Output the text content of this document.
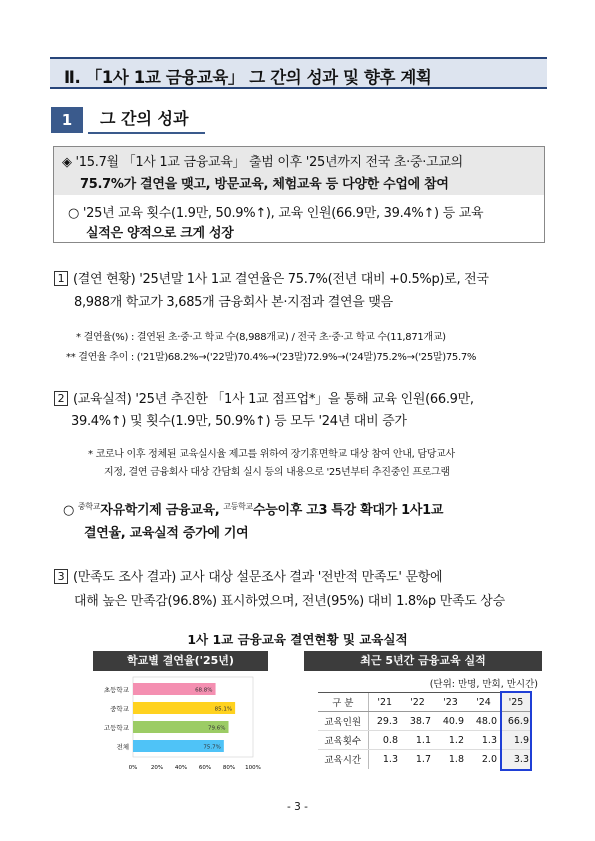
Ⅱ. 「1사 1교 금융교육」 그 간의 성과 및 향후 계획
1	그 간의 성과
◈ '15.7월 「1사 1교 금융교육」 출범 이후 '25년까지 전국 초·중·고교의
75.7%가 결연을 맺고, 방문교육, 체험교육 등 다양한 수업에 참여
○ '25년 교육 횟수(1.9만, 50.9%↑), 교육 인원(66.9만, 39.4%↑) 등 교육
실적은 양적으로 크게 성장
1 (결연 현황) '25년말 1사 1교 결연율은 75.7%(전년 대비 +0.5%p)로, 전국
8,988개 학교가 3,685개 금융회사 본·지점과 결연을 맺음
* 결연율(%) : 결연된 초·중·고 학교 수(8,988개교) / 전국 초·중·고 학교 수(11,871개교)
** 결연율 추이 : ('21말)68.2%→('22말)70.4%→('23말)72.9%→('24말)75.2%→('25말)75.7%
2 (교육실적) '25년 추진한 「1사 1교 점프업*」을 통해 교육 인원(66.9만,
39.4%↑) 및 횟수(1.9만, 50.9%↑) 등 모두 '24년 대비 증가
* 코로나 이후 정체된 교육실시율 제고를 위하여 장기휴면학교 대상 참여 안내, 담당교사
지정, 결연 금융회사 대상 간담회 실시 등의 내용으로 '25년부터 추진중인 프로그램
○ $^{중학교}$자유학기제 금융교육, $^{고등학교}$수능이후 고3 특강 확대가 1사1교
결연율, 교육실적 증가에 기여
3 (만족도 조사 결과) 교사 대상 설문조사 결과 '전반적 만족도' 문항에
대해 높은 만족감(96.8%) 표시하였으며, 전년(95%) 대비 1.8%p 만족도 상승
1사 1교 금융교육 결연현황 및 교육실적
학교별 결연율('25년)
초등학교	68.8%
중학교	85.1%
고등학교	79.6%
전체	75.7%
0% 20% 40% 60% 80% 100%
최근 5년간 금융교육 실적
(단위: 만명, 만회, 만시간)
구 분	'21	'22	'23	'24	'25
교육인원	29.3	38.7	40.9	48.0	66.9
교육횟수	0.8	1.1	1.2	1.3	1.9
교육시간	1.3	1.7	1.8	2.0	3.3
- 3 -
